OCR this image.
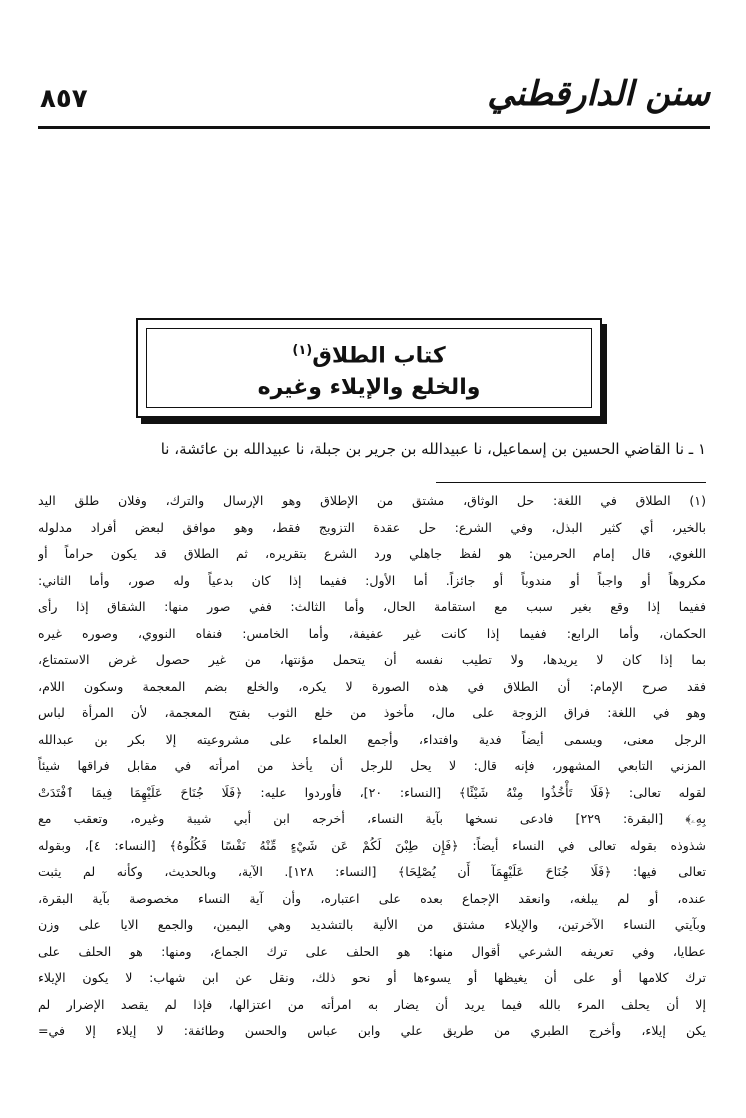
٨٥٧	سنن الدارقطني
كتاب الطلاق$^{(١)}$
والخلع والإيلاء وغيره
١ ـ نا القاضي الحسين بن إسماعيل، نا عبيدالله بن جرير بن جبلة، نا عبيدالله بن عائشة، نا
(١) الطلاق في اللغة: حل الوثاق، مشتق من الإطلاق وهو الإرسال والترك، وفلان طلق اليد
بالخير، أي كثير البذل، وفي الشرع: حل عقدة التزويج فقط، وهو موافق لبعض أفراد مدلوله
اللغوي، قال إمام الحرمين: هو لفظ جاهلي ورد الشرع بتقريره، ثم الطلاق قد يكون حراماً أو
مكروهاً أو واجباً أو مندوباً أو جائزاً. أما الأول: ففيما إذا كان بدعياً وله صور، وأما الثاني:
ففيما إذا وقع بغير سبب مع استقامة الحال، وأما الثالث: ففي صور منها: الشقاق إذا رأى
الحكمان، وأما الرابع: ففيما إذا كانت غير عفيفة، وأما الخامس: فنفاه النووي، وصوره غيره
بما إذا كان لا يريدها، ولا تطيب نفسه أن يتحمل مؤنتها، من غير حصول غرض الاستمتاع،
فقد صرح الإمام: أن الطلاق في هذه الصورة لا يكره، والخلع بضم المعجمة وسكون اللام،
وهو في اللغة: فراق الزوجة على مال، مأخوذ من خلع الثوب بفتح المعجمة، لأن المرأة لباس
الرجل معنى، ويسمى أيضاً فدية وافتداء، وأجمع العلماء على مشروعيته إلا بكر بن عبدالله
المزني التابعي المشهور، فإنه قال: لا يحل للرجل أن يأخذ من امرأته في مقابل فراقها شيئاً
لقوله تعالى: ﴿فَلَا تَأْخُذُوا مِنْهُ شَيْئًا﴾ [النساء: ٢٠]، فأوردوا عليه: ﴿فَلَا جُنَاحَ عَلَيْهِمَا فِيمَا ٱفْتَدَتْ
بِهِۦ﴾ [البقرة: ٢٢٩] فادعى نسخها بآية النساء، أخرجه ابن أبي شيبة وغيره، وتعقب مع
شذوذه بقوله تعالى في النساء أيضاً: ﴿فَإِن طِبْنَ لَكُمْ عَن شَيْءٍ مِّنْهُ نَفْسًا فَكُلُوهُ﴾ [النساء: ٤]، وبقوله
تعالى فيها: ﴿فَلَا جُنَاحَ عَلَيْهِمَآ أَن يُصْلِحَا﴾ [النساء: ١٢٨]. الآية، وبالحديث، وكأنه لم يثبت
عنده، أو لم يبلغه، وانعقد الإجماع بعده على اعتباره، وأن آية النساء مخصوصة بآية البقرة،
وبآيتي النساء الآخرتين، والإيلاء مشتق من الألية بالتشديد وهي اليمين، والجمع الايا على وزن
عطايا، وفي تعريفه الشرعي أقوال منها: هو الحلف على ترك الجماع، ومنها: هو الحلف على
ترك كلامها أو على أن يغيظها أو يسوءها أو نحو ذلك، ونقل عن ابن شهاب: لا يكون الإيلاء
إلا أن يحلف المرء بالله فيما يريد أن يضار به امرأته من اعتزالها، فإذا لم يقصد الإضرار لم
يكن إيلاء، وأخرج الطبري من طريق علي وابن عباس والحسن وطائفة: لا إيلاء إلا في=
